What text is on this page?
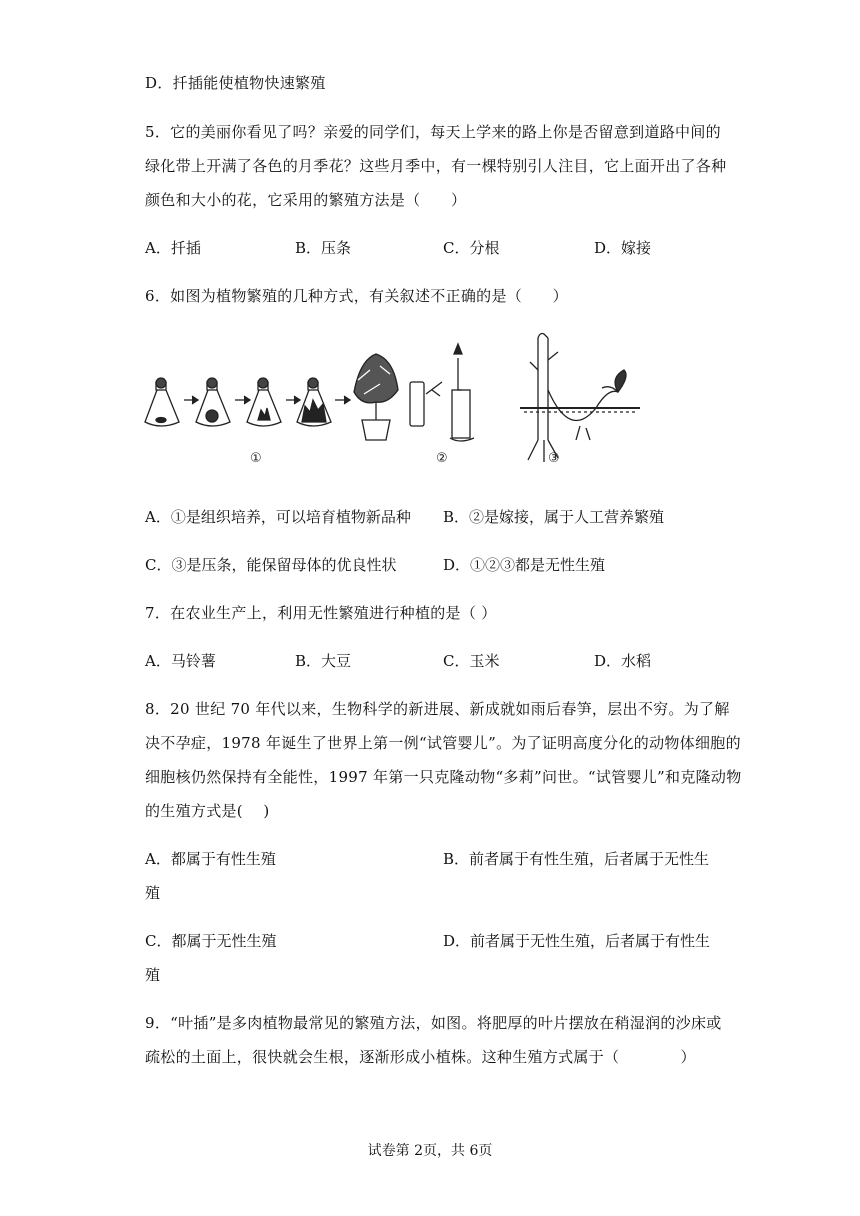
D．扦插能使植物快速繁殖
5．它的美丽你看见了吗？亲爱的同学们，每天上学来的路上你是否留意到道路中间的
绿化带上开满了各色的月季花？这些月季中，有一棵特别引人注目，它上面开出了各种
颜色和大小的花，它采用的繁殖方法是（　　）
A．扦插	B．压条	C．分根	D．嫁接
6．如图为植物繁殖的几种方式，有关叙述不正确的是（　　）
①	②	③
A．①是组织培养，可以培育植物新品种 B．②是嫁接，属于人工营养繁殖
C．③是压条，能保留母体的优良性状	D．①②③都是无性生殖
7．在农业生产上，利用无性繁殖进行种植的是（ ）
A．马铃薯	B．大豆	C．玉米	D．水稻
8．20 世纪 70 年代以来，生物科学的新进展、新成就如雨后春笋，层出不穷。为了解
决不孕症，1978 年诞生了世界上第一例“试管婴儿”。为了证明高度分化的动物体细胞的
细胞核仍然保持有全能性，1997 年第一只克隆动物“多莉”问世。“试管婴儿”和克隆动物
的生殖方式是(　 )
A．都属于有性生殖	B．前者属于有性生殖，后者属于无性生
殖
C．都属于无性生殖	D．前者属于无性生殖，后者属于有性生
殖
9．“叶插”是多肉植物最常见的繁殖方法，如图。将肥厚的叶片摆放在稍湿润的沙床或
疏松的土面上，很快就会生根，逐渐形成小植株。这种生殖方式属于（　　　　）
试卷第 2页，共 6页
